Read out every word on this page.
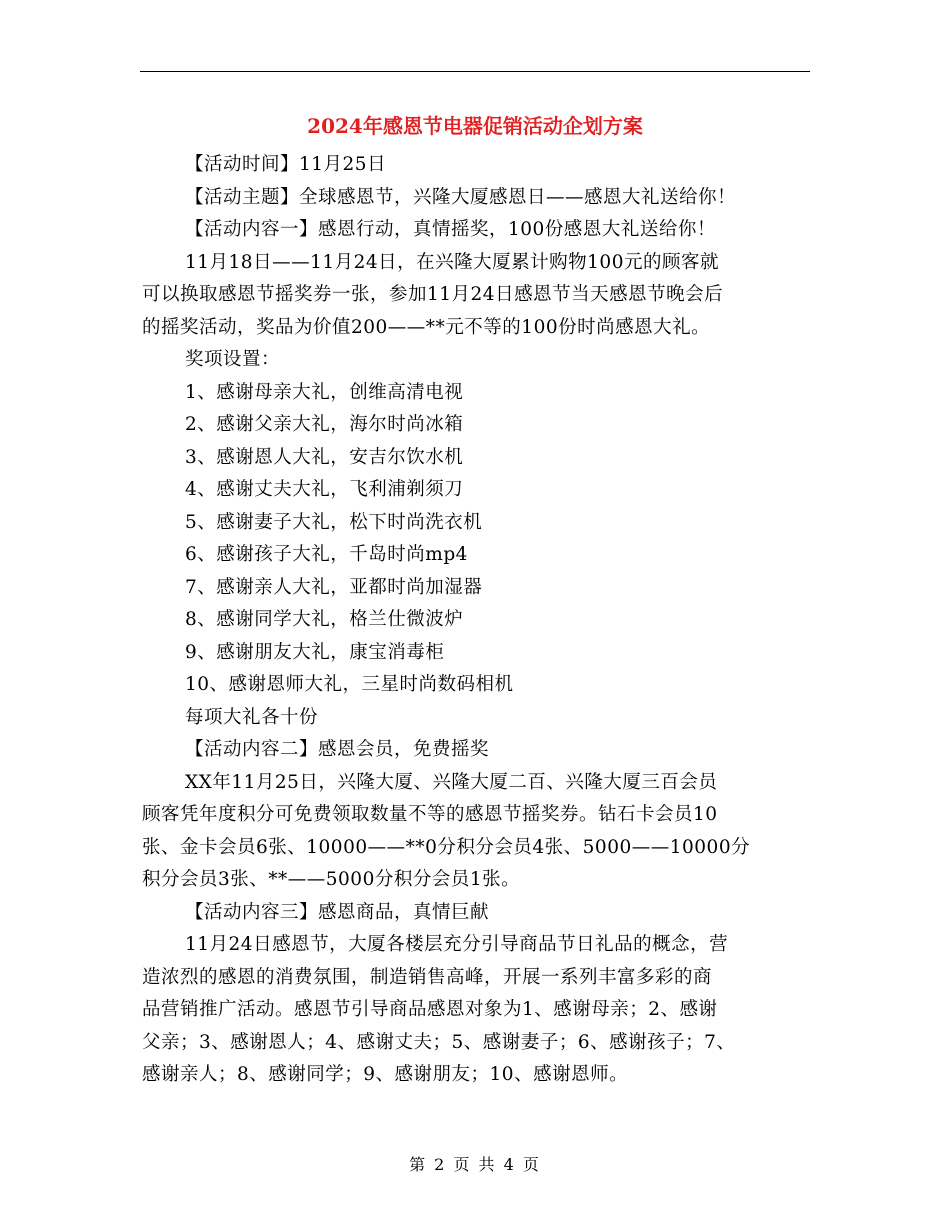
2024年感恩节电器促销活动企划方案
【活动时间】11月25日
【活动主题】全球感恩节，兴隆大厦感恩日——感恩大礼送给你！
【活动内容一】感恩行动，真情摇奖，100份感恩大礼送给你！
11月18日——11月24日，在兴隆大厦累计购物100元的顾客就
可以换取感恩节摇奖券一张，参加11月24日感恩节当天感恩节晚会后
的摇奖活动，奖品为价值200——**元不等的100份时尚感恩大礼。
奖项设置：
1、感谢母亲大礼，创维高清电视
2、感谢父亲大礼，海尔时尚冰箱
3、感谢恩人大礼，安吉尔饮水机
4、感谢丈夫大礼，飞利浦剃须刀
5、感谢妻子大礼，松下时尚洗衣机
6、感谢孩子大礼，千岛时尚mp4
7、感谢亲人大礼，亚都时尚加湿器
8、感谢同学大礼，格兰仕微波炉
9、感谢朋友大礼，康宝消毒柜
10、感谢恩师大礼，三星时尚数码相机
每项大礼各十份
【活动内容二】感恩会员，免费摇奖
XX年11月25日，兴隆大厦、兴隆大厦二百、兴隆大厦三百会员
顾客凭年度积分可免费领取数量不等的感恩节摇奖券。钻石卡会员10
张、金卡会员6张、10000——**0分积分会员4张、5000——10000分
积分会员3张、**——5000分积分会员1张。
【活动内容三】感恩商品，真情巨献
11月24日感恩节，大厦各楼层充分引导商品节日礼品的概念，营
造浓烈的感恩的消费氛围，制造销售高峰，开展一系列丰富多彩的商
品营销推广活动。感恩节引导商品感恩对象为1、感谢母亲；2、感谢
父亲；3、感谢恩人；4、感谢丈夫；5、感谢妻子；6、感谢孩子；7、
感谢亲人；8、感谢同学；9、感谢朋友；10、感谢恩师。
第 2 页 共 4 页
